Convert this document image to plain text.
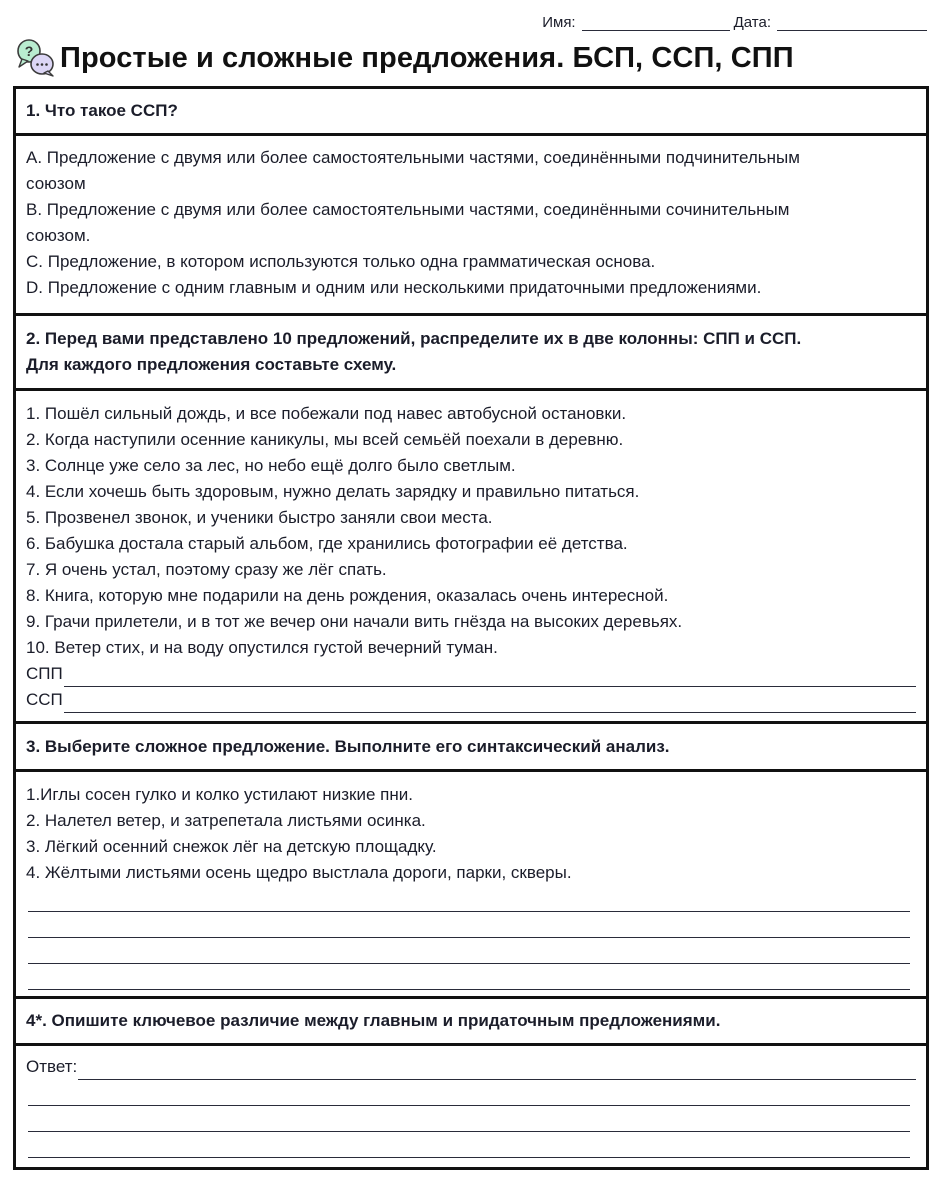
Имя:	Дата:
? Простые и сложные предложения. БСП, ССП, СПП
1. Что такое ССП?
A. Предложение с двумя или более самостоятельными частями, соединёнными подчинительным
союзом
B. Предложение с двумя или более самостоятельными частями, соединёнными сочинительным
союзом.
C. Предложение, в котором используются только одна грамматическая основа.
D. Предложение с одним главным и одним или несколькими придаточными предложениями.
2. Перед вами представлено 10 предложений, распределите их в две колонны: СПП и ССП.
Для каждого предложения составьте схему.
1. Пошёл сильный дождь, и все побежали под навес автобусной остановки.
2. Когда наступили осенние каникулы, мы всей семьёй поехали в деревню.
3. Солнце уже село за лес, но небо ещё долго было светлым.
4. Если хочешь быть здоровым, нужно делать зарядку и правильно питаться.
5. Прозвенел звонок, и ученики быстро заняли свои места.
6. Бабушка достала старый альбом, где хранились фотографии её детства.
7. Я очень устал, поэтому сразу же лёг спать.
8. Книга, которую мне подарили на день рождения, оказалась очень интересной.
9. Грачи прилетели, и в тот же вечер они начали вить гнёзда на высоких деревьях.
10. Ветер стих, и на воду опустился густой вечерний туман.
СПП
ССП
3. Выберите сложное предложение. Выполните его синтаксический анализ.
1.Иглы сосен гулко и колко устилают низкие пни.
2. Налетел ветер, и затрепетала листьями осинка.
3. Лёгкий осенний снежок лёг на детскую площадку.
4. Жёлтыми листьями осень щедро выстлала дороги, парки, скверы.
4*. Опишите ключевое различие между главным и придаточным предложениями.
Ответ:
